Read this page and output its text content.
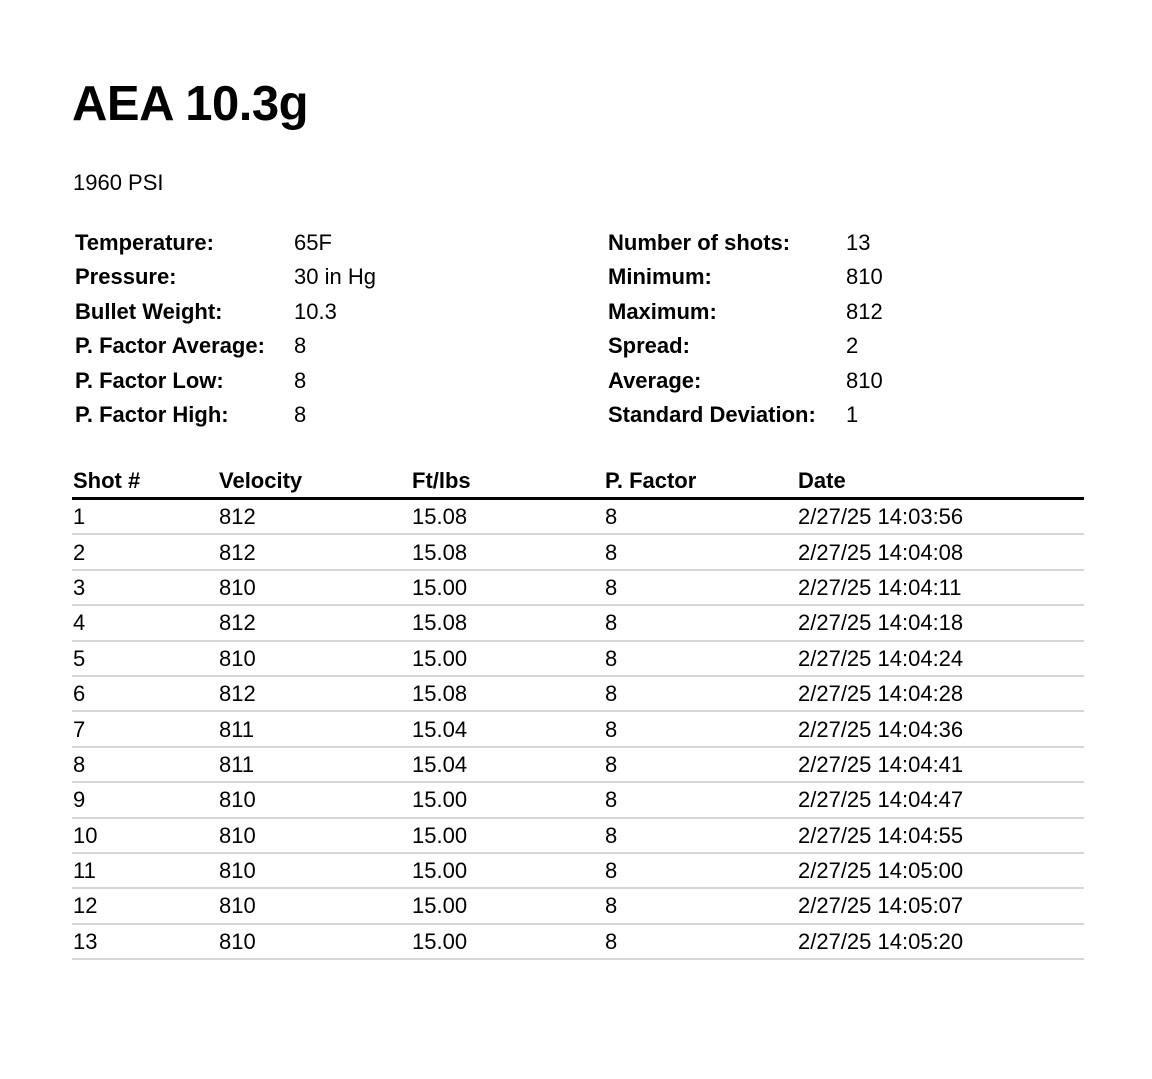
AEA 10.3g
1960 PSI
Temperature:	65F
Pressure:	30 in Hg
Bullet Weight:	10.3
P. Factor Average: 8
P. Factor Low:	8
P. Factor High:	8
Number of shots:	13
Minimum:	810
Maximum:	812
Spread:	2
Average:	810
Standard Deviation: 1
Shot #	Velocity	Ft/lbs	P. Factor	Date
1	812	15.08	8	2/27/25 14:03:56
2	812	15.08	8	2/27/25 14:04:08
3	810	15.00	8	2/27/25 14:04:11
4	812	15.08	8	2/27/25 14:04:18
5	810	15.00	8	2/27/25 14:04:24
6	812	15.08	8	2/27/25 14:04:28
7	811	15.04	8	2/27/25 14:04:36
8	811	15.04	8	2/27/25 14:04:41
9	810	15.00	8	2/27/25 14:04:47
10	810	15.00	8	2/27/25 14:04:55
11	810	15.00	8	2/27/25 14:05:00
12	810	15.00	8	2/27/25 14:05:07
13	810	15.00	8	2/27/25 14:05:20
